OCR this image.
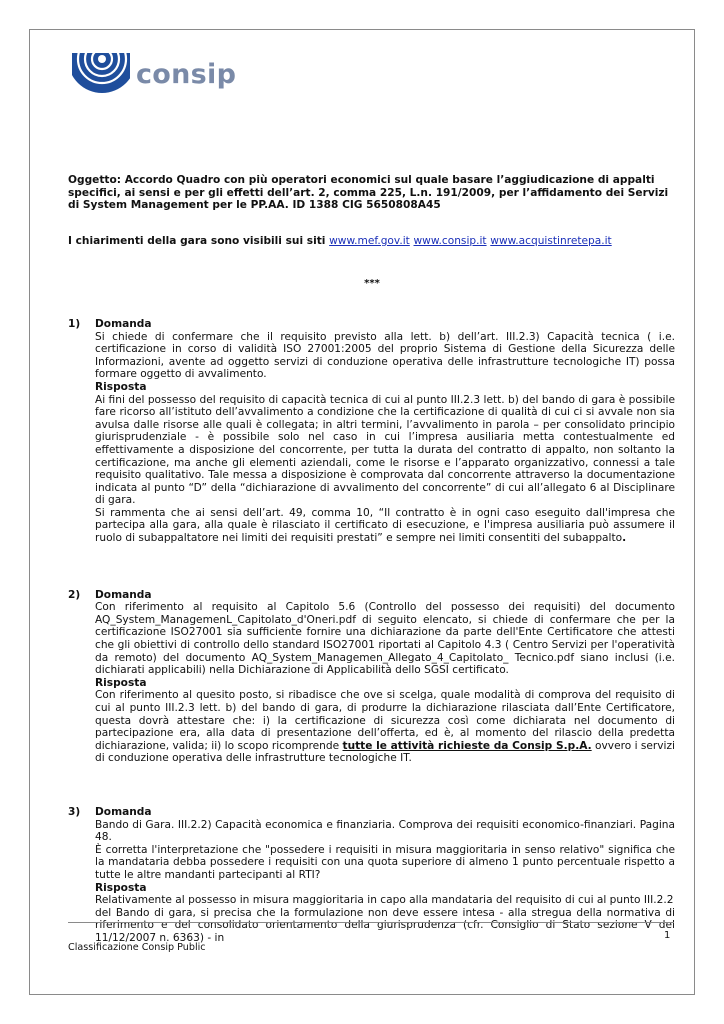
consip

Oggetto: Accordo Quadro con più operatori economici sul quale basare l’aggiudicazione di appalti specifici, ai sensi e per gli effetti dell’art. 2, comma 225, L.n. 191/2009, per l’affidamento dei Servizi di System Management per le PP.AA. ID 1388 CIG 5650808A45

I chiarimenti della gara sono visibili sui siti www.mef.gov.it www.consip.it www.acquistinretepa.it

***
1)	Domanda

Si chiede di confermare che il requisito previsto alla lett. b) dell’art. III.2.3) Capacità tecnica ( i.e. certificazione in corso di validità ISO 27001:2005 del proprio Sistema di Gestione della Sicurezza delle Informazioni, avente ad oggetto servizi di conduzione operativa delle infrastrutture tecnologiche IT) possa formare oggetto di avvalimento.

Risposta

Ai fini del possesso del requisito di capacità tecnica di cui al punto III.2.3 lett. b) del bando di gara è possibile fare ricorso all’istituto dell’avvalimento a condizione che la certificazione di qualità di cui ci si avvale non sia avulsa dalle risorse alle quali è collegata; in altri termini, l’avvalimento in parola – per consolidato principio giurisprudenziale - è possibile solo nel caso in cui l’impresa ausiliaria metta contestualmente ed effettivamente a disposizione del concorrente, per tutta la durata del contratto di appalto, non soltanto la certificazione, ma anche gli elementi aziendali, come le risorse e l’apparato organizzativo, connessi a tale requisito qualitativo. Tale messa a disposizione è comprovata dal concorrente attraverso la documentazione indicata al punto “D” della “dichiarazione di avvalimento del concorrente” di cui all’allegato 6 al Disciplinare di gara.

Si rammenta che ai sensi dell’art. 49, comma 10, “Il contratto è in ogni caso eseguito dall'impresa che partecipa alla gara, alla quale è rilasciato il certificato di esecuzione, e l'impresa ausiliaria può assumere il ruolo di subappaltatore nei limiti dei requisiti prestati” e sempre nei limiti consentiti del subappalto.

2)	Domanda

Con riferimento al requisito al Capitolo 5.6 (Controllo del possesso dei requisiti) del documento AQ_System_ManagemenL_Capitolato_d'Oneri.pdf di seguito elencato, si chiede di confermare che per la certificazione ISO27001 sia sufficiente fornire una dichiarazione da parte dell'Ente Certificatore che attesti che gli obiettivi di controllo dello standard ISO27001 riportati al Capitolo 4.3 ( Centro Servizi per l'operatività da remoto) del documento AQ_System_Managemen_Allegato_4_Capitolato_ Tecnico.pdf siano inclusi (i.e. dichiarati applicabili) nella Dichiarazione di Applicabilità dello SGSI certificato.

Risposta

Con riferimento al quesito posto, si ribadisce che ove si scelga, quale modalità di comprova del requisito di cui al punto III.2.3 lett. b) del bando di gara, di produrre la dichiarazione rilasciata dall’Ente Certificatore, questa dovrà attestare che: i) la certificazione di sicurezza così come dichiarata nel documento di partecipazione era, alla data di presentazione dell’offerta, ed è, al momento del rilascio della predetta dichiarazione, valida; ii) lo scopo ricomprende tutte le attività richieste da Consip S.p.A. ovvero i servizi di conduzione operativa delle infrastrutture tecnologiche IT.

3)	Domanda

Bando di Gara. III.2.2) Capacità economica e finanziaria. Comprova dei requisiti economico-finanziari. Pagina 48.

È corretta l'interpretazione che "possedere i requisiti in misura maggioritaria in senso relativo" significa che la mandataria debba possedere i requisiti con una quota superiore di almeno 1 punto percentuale rispetto a tutte le altre mandanti partecipanti al RTI?

Risposta

Relativamente al possesso in misura maggioritaria in capo alla mandataria del requisito di cui al punto III.2.2

del Bando di gara, si precisa che la formulazione non deve essere intesa - alla stregua della normativa di riferimento e del consolidato orientamento della giurisprudenza (cfr. Consiglio di Stato sezione V del 11/12/2007 n. 6363) - in	1
Classificazione Consip Public
